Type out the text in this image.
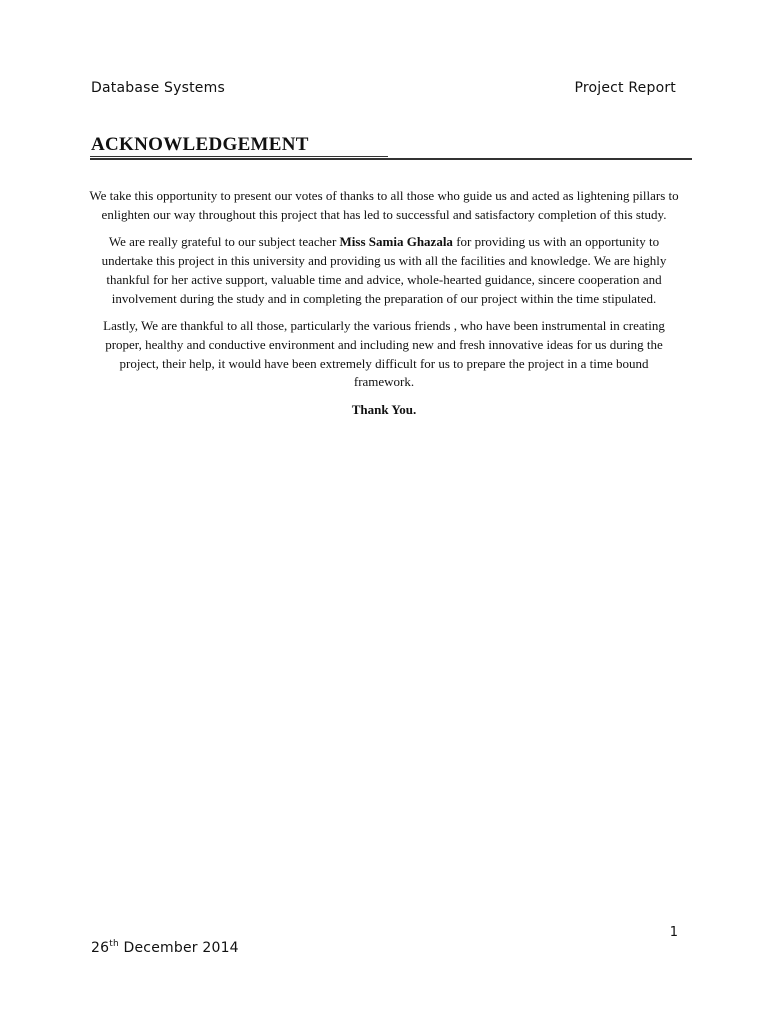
Database Systems	Project Report
ACKNOWLEDGEMENT

We take this opportunity to present our votes of thanks to all those who guide us and acted as lightening pillars to enlighten our way throughout this project that has led to successful and satisfactory completion of this study.

We are really grateful to our subject teacher Miss Samia Ghazala for providing us with an opportunity to undertake this project in this university and providing us with all the facilities and knowledge. We are highly thankful for her active support, valuable time and advice, whole-hearted guidance, sincere cooperation and involvement during the study and in completing the preparation of our project within the time stipulated.

Lastly, We are thankful to all those, particularly the various friends , who have been instrumental in creating proper, healthy and conductive environment and including new and fresh innovative ideas for us during the project, their help, it would have been extremely difficult for us to prepare the project in a time bound framework.

Thank You.

1
26th December 2014
